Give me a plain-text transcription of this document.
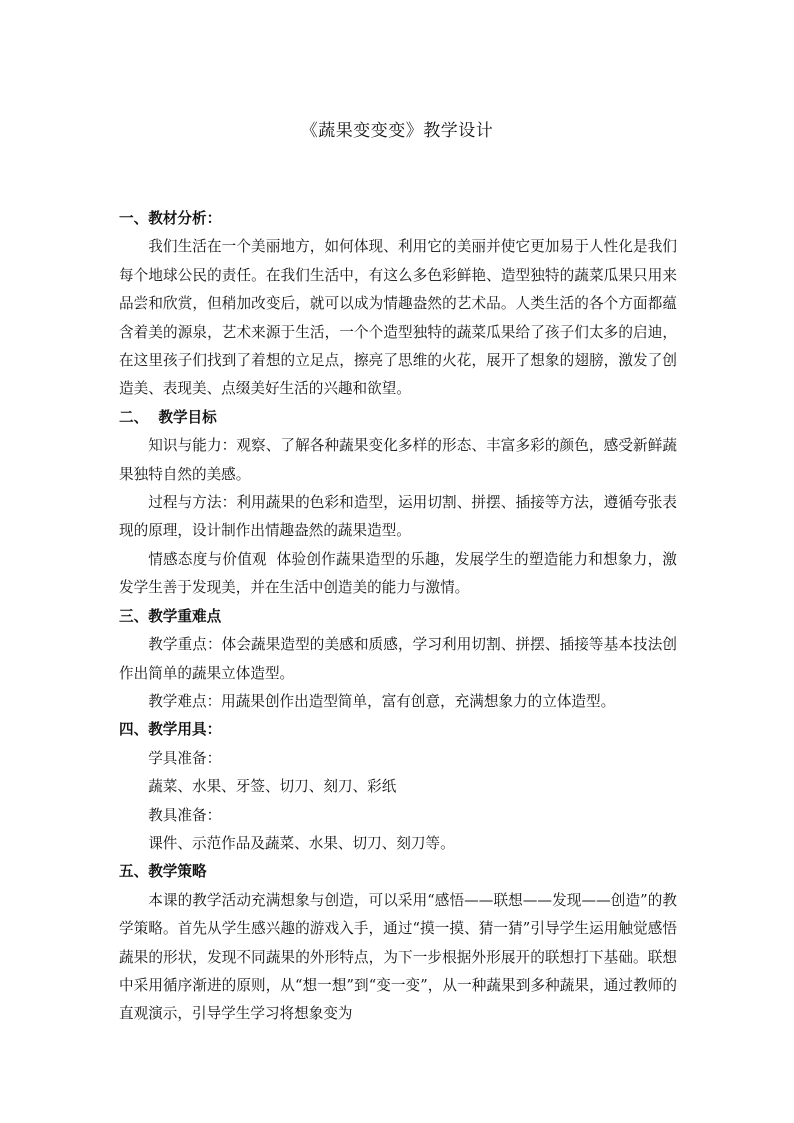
《蔬果变变变》教学设计

一、教材分析：

我们生活在一个美丽地方，如何体现、利用它的美丽并使它更加易于人性化是我们每个地球公民的责任。在我们生活中，有这么多色彩鲜艳、造型独特的蔬菜瓜果只用来品尝和欣赏，但稍加改变后，就可以成为情趣盎然的艺术品。人类生活的各个方面都蕴含着美的源泉，艺术来源于生活，一个个造型独特的蔬菜瓜果给了孩子们太多的启迪，在这里孩子们找到了着想的立足点，擦亮了思维的火花，展开了想象的翅膀，激发了创造美、表现美、点缀美好生活的兴趣和欲望。

二、  教学目标

知识与能力：观察、了解各种蔬果变化多样的形态、丰富多彩的颜色，感受新鲜蔬果独特自然的美感。

过程与方法：利用蔬果的色彩和造型，运用切割、拼摆、插接等方法，遵循夸张表现的原理，设计制作出情趣盎然的蔬果造型。

情感态度与价值观  体验创作蔬果造型的乐趣，发展学生的塑造能力和想象力，激发学生善于发现美，并在生活中创造美的能力与激情。

三、教学重难点

教学重点：体会蔬果造型的美感和质感，学习利用切割、拼摆、插接等基本技法创作出简单的蔬果立体造型。

教学难点：用蔬果创作出造型简单，富有创意，充满想象力的立体造型。

四、教学用具：

学具准备：

蔬菜、水果、牙签、切刀、刻刀、彩纸

教具准备：

课件、示范作品及蔬菜、水果、切刀、刻刀等。

五、教学策略

本课的教学活动充满想象与创造，可以采用“感悟——联想——发现——创造”的教学策略。首先从学生感兴趣的游戏入手，通过“摸一摸、猜一猜”引导学生运用触觉感悟蔬果的形状，发现不同蔬果的外形特点，为下一步根据外形展开的联想打下基础。联想中采用循序渐进的原则，从“想一想”到“变一变”，从一种蔬果到多种蔬果，通过教师的直观演示，引导学生学习将想象变为
